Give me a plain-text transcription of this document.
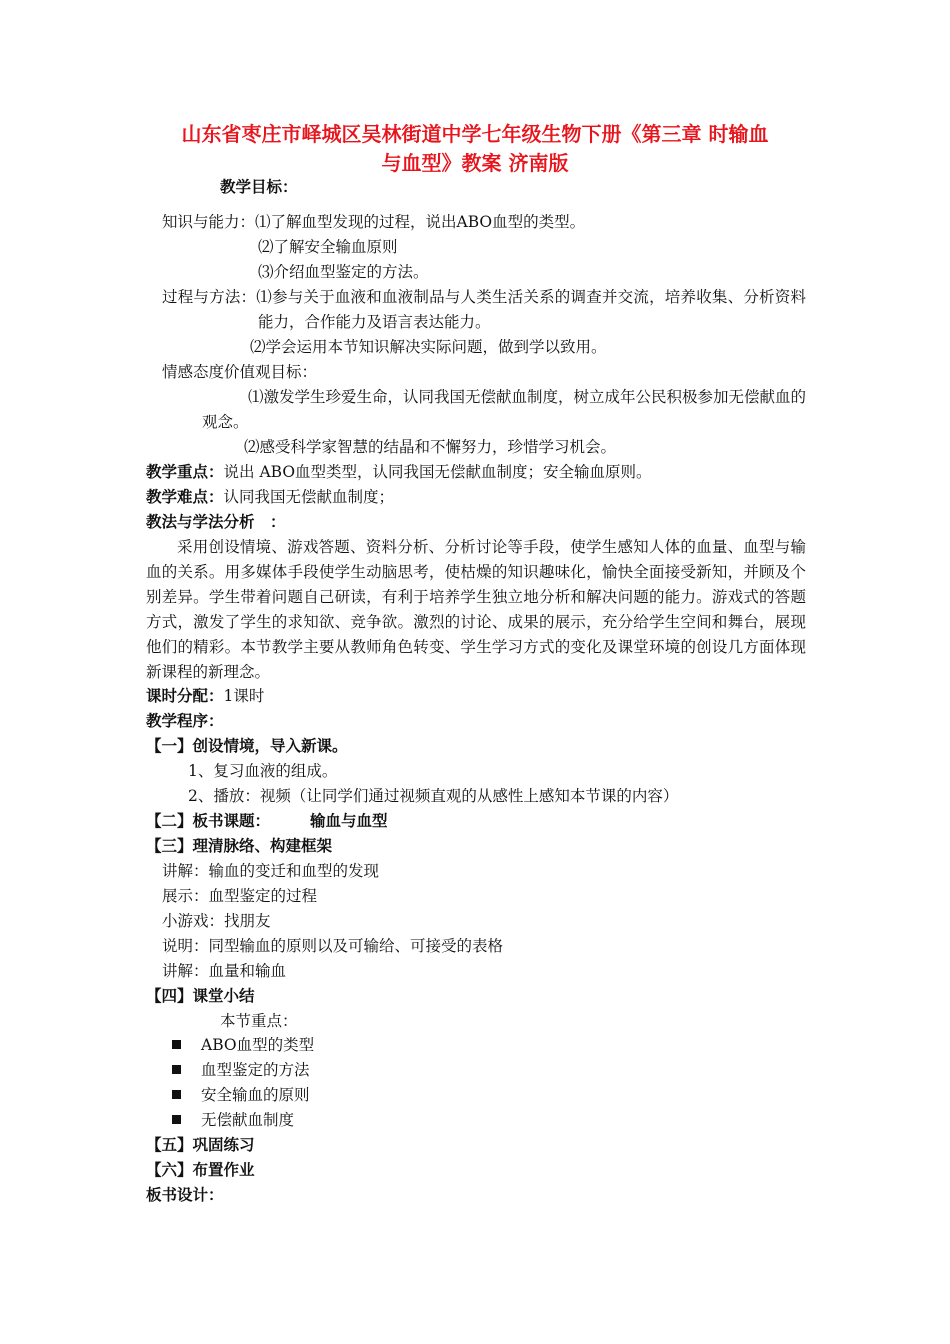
山东省枣庄市峄城区吴林街道中学七年级生物下册《第三章 时输血
与血型》教案 济南版
教学目标：
知识与能力：⑴了解血型发现的过程，说出ABO血型的类型。
⑵了解安全输血原则
⑶介绍血型鉴定的方法。
过程与方法：⑴参与关于血液和血液制品与人类生活关系的调查并交流，培养收集、分析资料能力，合作能力及语言表达能力。
⑵学会运用本节知识解决实际问题，做到学以致用。
情感态度价值观目标：
⑴激发学生珍爱生命，认同我国无偿献血制度，树立成年公民积极参加无偿献血的观念。
⑵感受科学家智慧的结晶和不懈努力，珍惜学习机会。
教学重点：说出 ABO血型类型，认同我国无偿献血制度；安全输血原则。
教学难点：认同我国无偿献血制度；
教法与学法分析　：
采用创设情境、游戏答题、资料分析、分析讨论等手段，使学生感知人体的血量、血型与输血的关系。用多媒体手段使学生动脑思考，使枯燥的知识趣味化，愉快全面接受新知，并顾及个别差异。学生带着问题自己研读，有利于培养学生独立地分析和解决问题的能力。游戏式的答题方式，激发了学生的求知欲、竞争欲。激烈的讨论、成果的展示，充分给学生空间和舞台，展现他们的精彩。本节教学主要从教师角色转变、学生学习方式的变化及课堂环境的创设几方面体现新课程的新理念。
课时分配：1课时
教学程序：
【一】创设情境，导入新课。
1、复习血液的组成。
2、播放：视频（让同学们通过视频直观的从感性上感知本节课的内容）
【二】板书课题：	输血与血型
【三】理清脉络、构建框架
讲解：输血的变迁和血型的发现
展示：血型鉴定的过程
小游戏：找朋友
说明：同型输血的原则以及可输给、可接受的表格
讲解：血量和输血
【四】课堂小结
本节重点：
ABO血型的类型
血型鉴定的方法
安全输血的原则
无偿献血制度
【五】巩固练习
【六】布置作业
板书设计：
